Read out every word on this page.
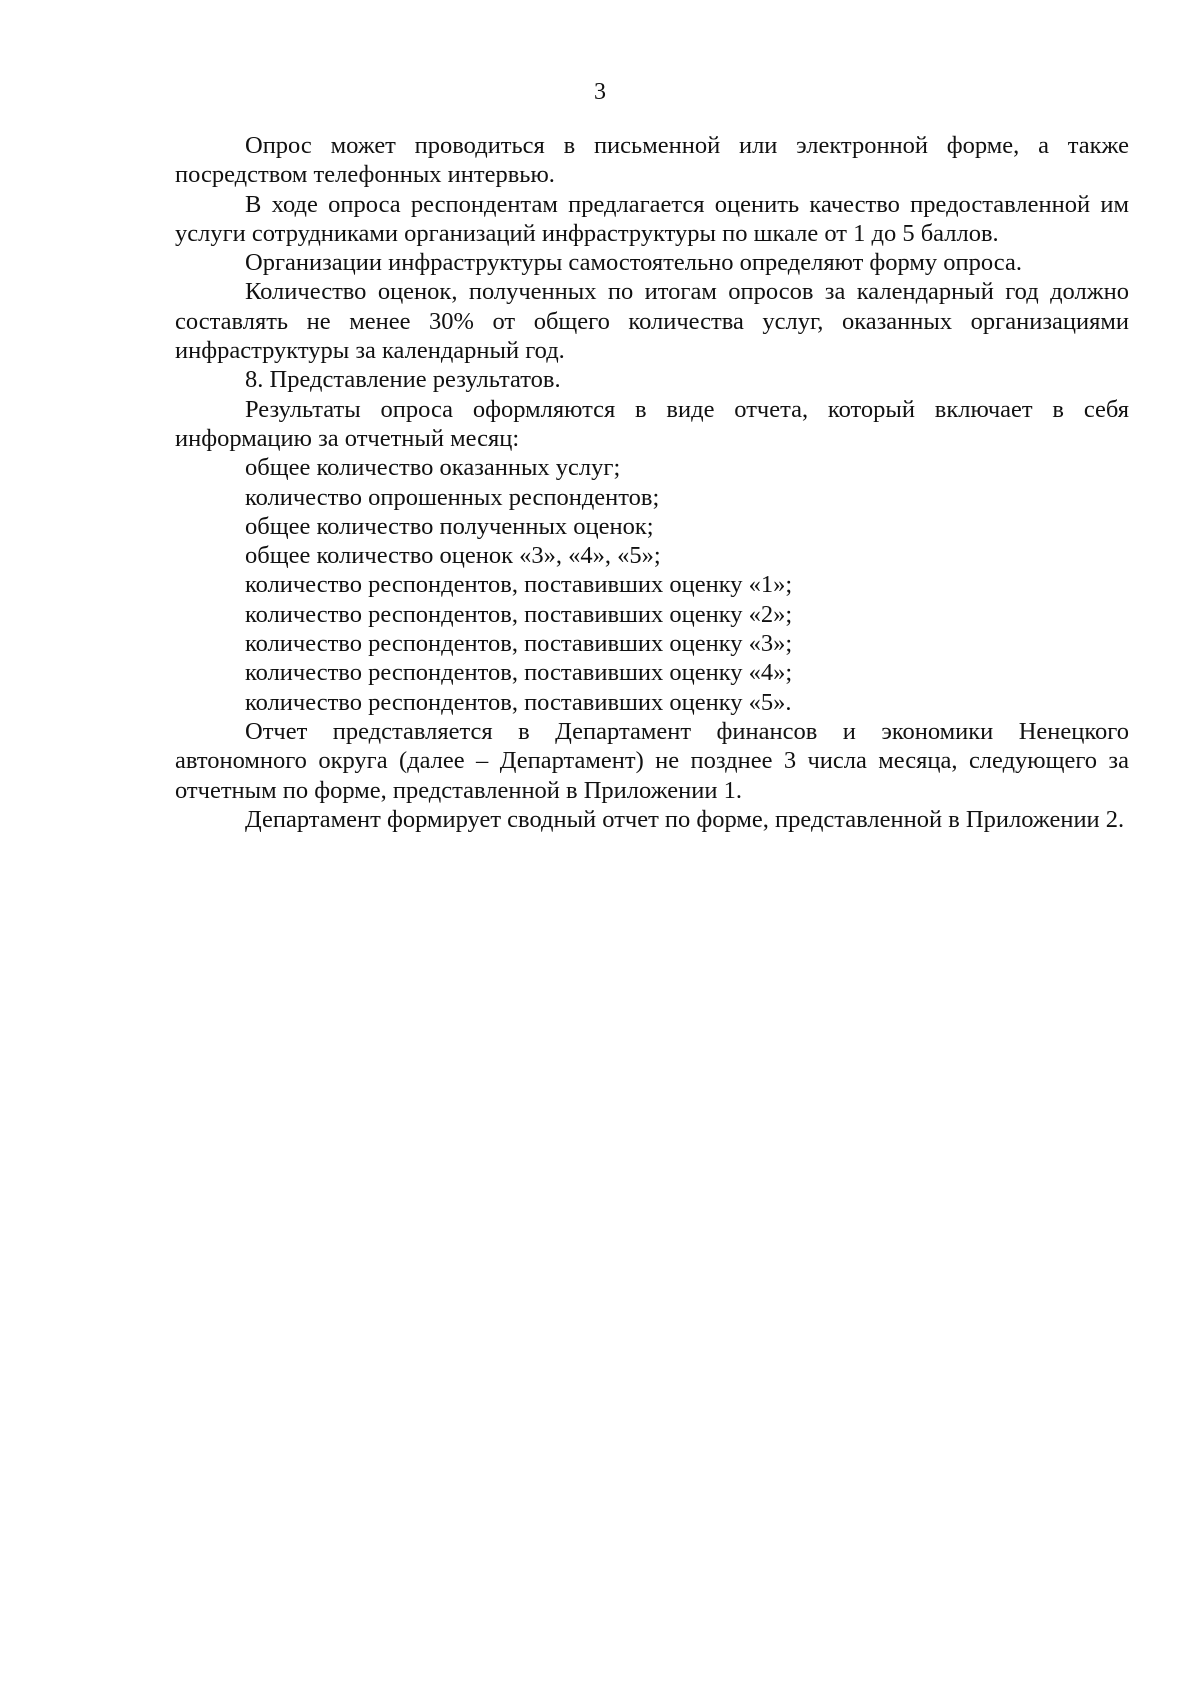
3

Опрос может проводиться в письменной или электронной форме, а также посредством телефонных интервью.

В ходе опроса респондентам предлагается оценить качество предоставленной им услуги сотрудниками организаций инфраструктуры по шкале от 1 до 5 баллов.

Организации инфраструктуры самостоятельно определяют форму опроса.

Количество оценок, полученных по итогам опросов за календарный год должно составлять не менее 30% от общего количества услуг, оказанных организациями инфраструктуры за календарный год.

8. Представление результатов.

Результаты опроса оформляются в виде отчета, который включает в себя информацию за отчетный месяц:

общее количество оказанных услуг;

количество опрошенных респондентов;

общее количество полученных оценок;

общее количество оценок «3», «4», «5»;

количество респондентов, поставивших оценку «1»;

количество респондентов, поставивших оценку «2»;

количество респондентов, поставивших оценку «3»;

количество респондентов, поставивших оценку «4»;

количество респондентов, поставивших оценку «5».

Отчет представляется в Департамент финансов и экономики Ненецкого автономного округа (далее – Департамент) не позднее 3 числа месяца, следующего за отчетным по форме, представленной в Приложении 1.

Департамент формирует сводный отчет по форме, представленной в Приложении 2.
